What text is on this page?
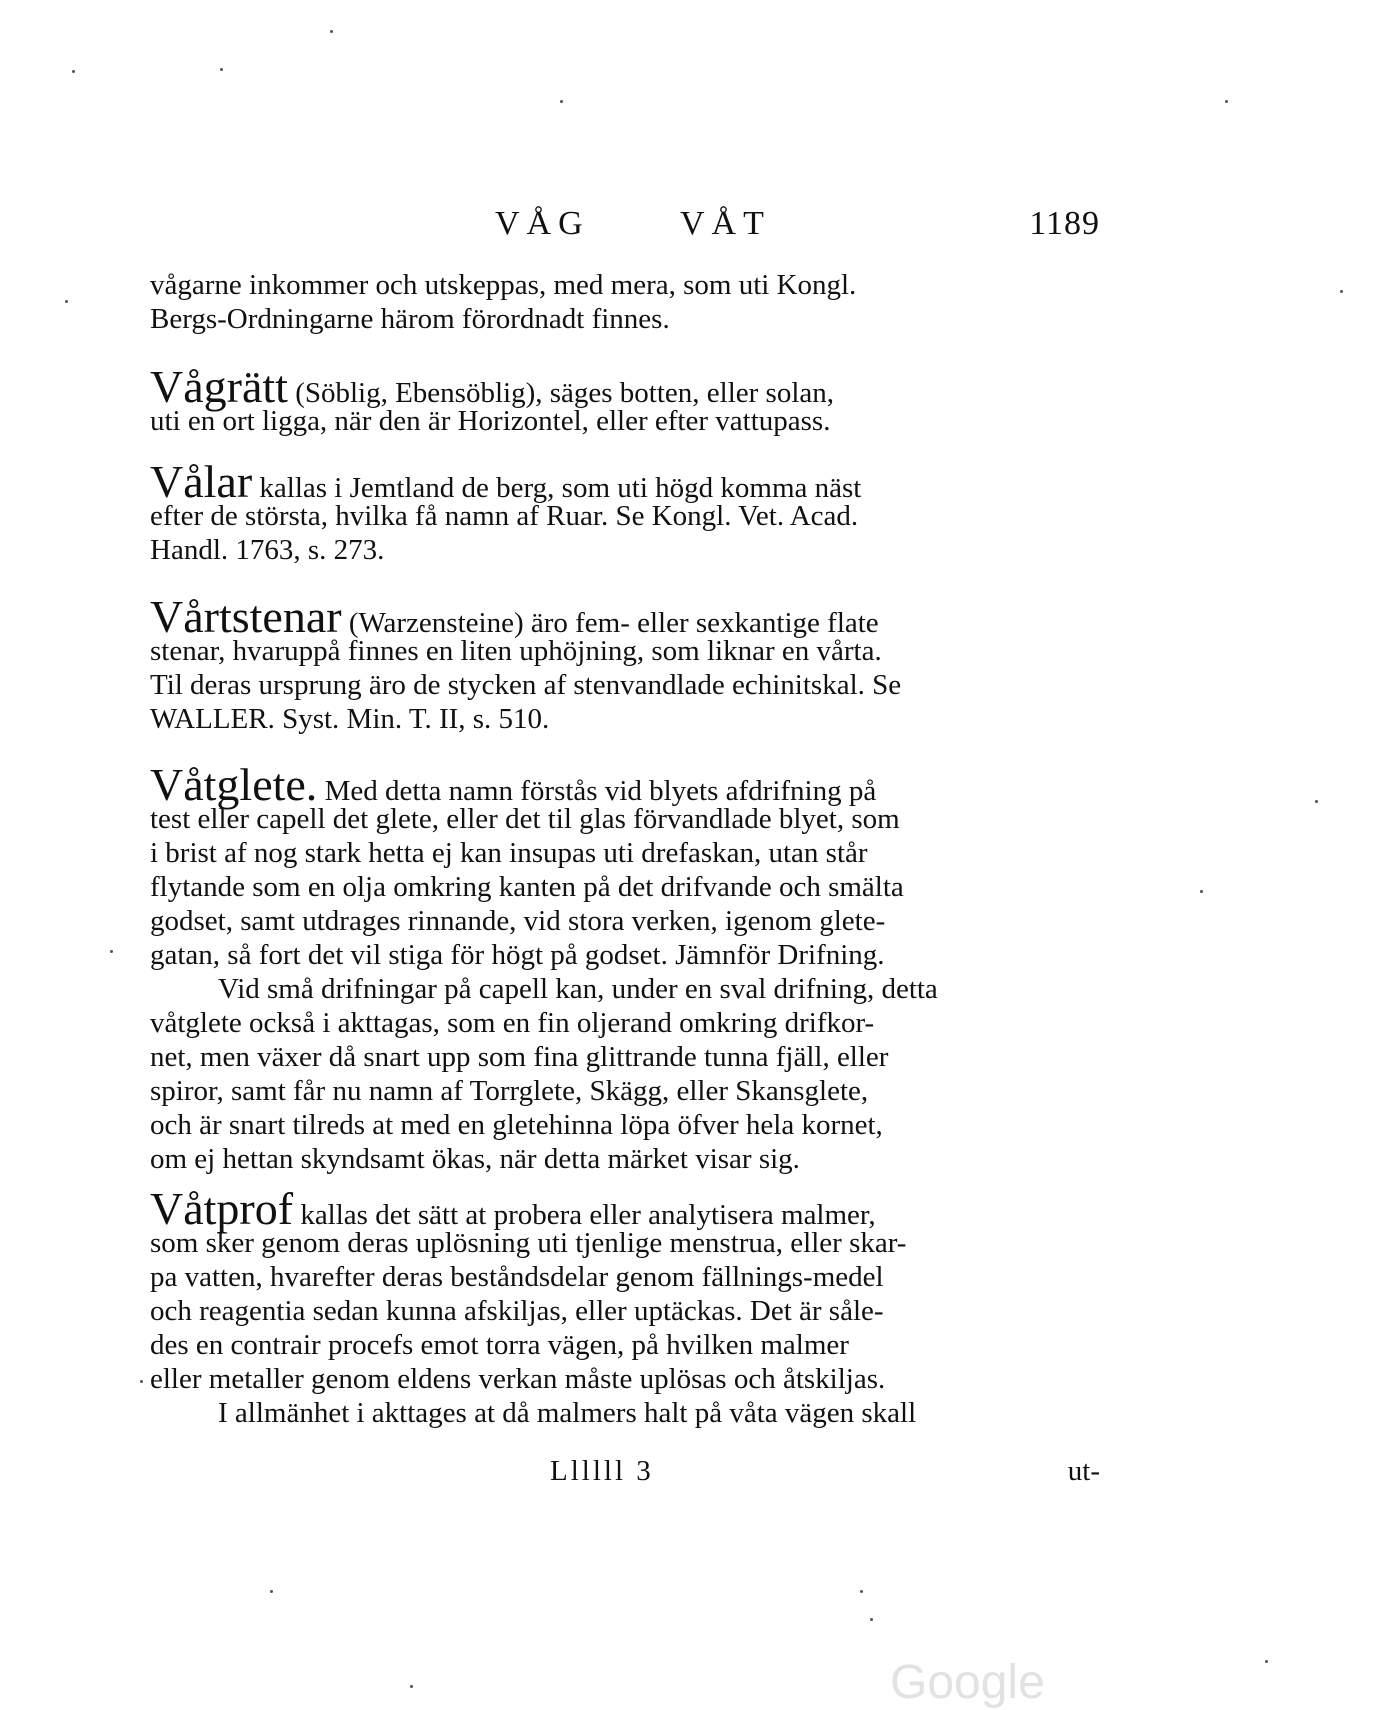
VÅG	VÅT	1189
vågarne inkommer och utskeppas, med mera, som uti Kongl.
Bergs-Ordningarne härom förordnadt finnes.
Vågrätt (Söblig, Ebensöblig), säges botten, eller solan,
uti en ort ligga, när den är Horizontel, eller efter vattupass.
Vålar kallas i Jemtland de berg, som uti högd komma näst
efter de största, hvilka få namn af Ruar. Se Kongl. Vet. Acad.
Handl. 1763, s. 273.
Vårtstenar (Warzensteine) äro fem- eller sexkantige flate
stenar, hvaruppå finnes en liten uphöjning, som liknar en vårta.
Til deras ursprung äro de stycken af stenvandlade echinitskal. Se
WALLER. Syst. Min. T. II, s. 510.
Våtglete. Med detta namn förstås vid blyets afdrifning på
test eller capell det glete, eller det til glas förvandlade blyet, som
i brist af nog stark hetta ej kan insupas uti drefaskan, utan står
flytande som en olja omkring kanten på det drifvande och smälta
godset, samt utdrages rinnande, vid stora verken, igenom glete-
gatan, så fort det vil stiga för högt på godset. Jämnför Drifning.
Vid små drifningar på capell kan, under en sval drifning, detta
våtglete också i akttagas, som en fin oljerand omkring drifkor-
net, men växer då snart upp som fina glittrande tunna fjäll, eller
spiror, samt får nu namn af Torrglete, Skägg, eller Skansglete,
och är snart tilreds at med en gletehinna löpa öfver hela kornet,
om ej hettan skyndsamt ökas, när detta märket visar sig.
Våtprof kallas det sätt at probera eller analytisera malmer,
som sker genom deras uplösning uti tjenlige menstrua, eller skar-
pa vatten, hvarefter deras beståndsdelar genom fällnings-medel
och reagentia sedan kunna afskiljas, eller uptäckas. Det är såle-
des en contrair procefs emot torra vägen, på hvilken malmer
eller metaller genom eldens verkan måste uplösas och åtskiljas.
I allmänhet i akttages at då malmers halt på våta vägen skall
Llllll 3	ut-
Google
